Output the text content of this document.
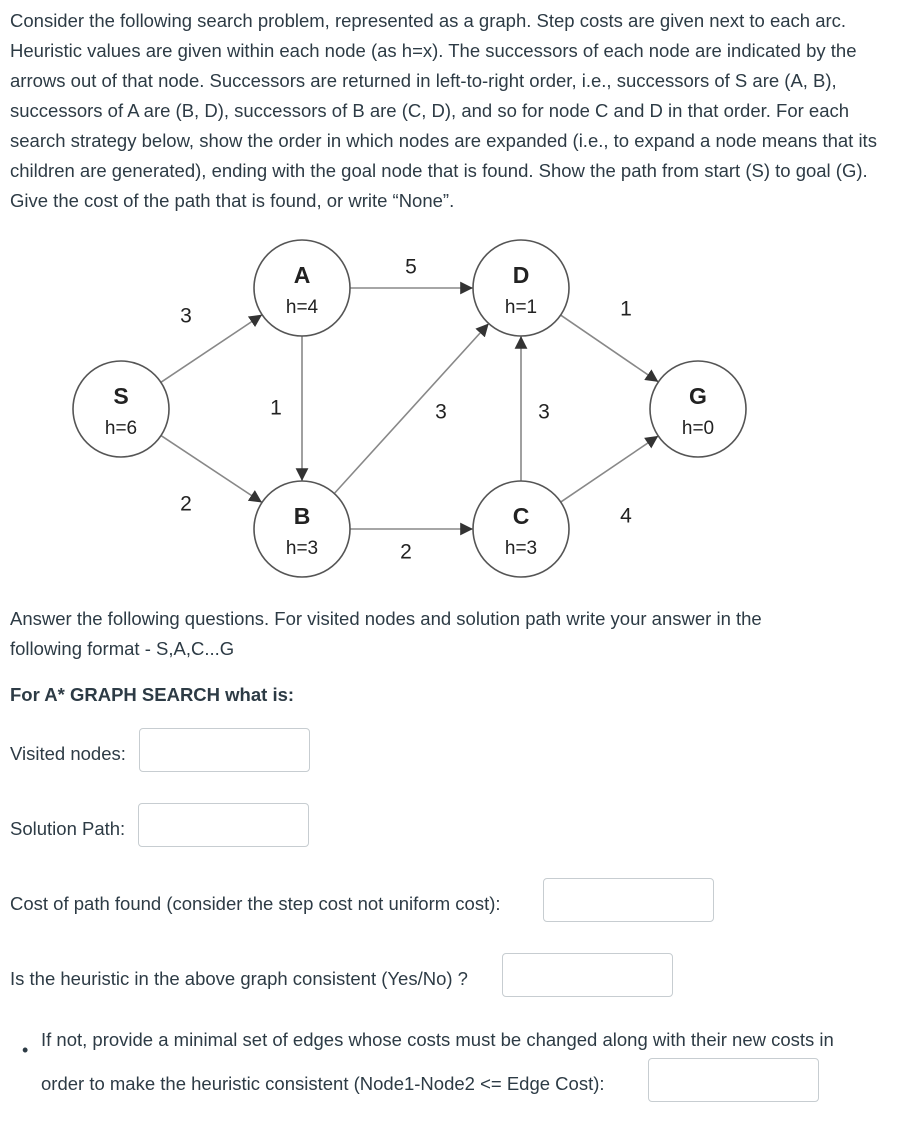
Consider the following search problem, represented as a graph. Step costs are given next to each arc. Heuristic values are given within each node (as h=x). The successors of each node are indicated by the arrows out of that node. Successors are returned in left-to-right order, i.e., successors of S are (A, B), successors of A are (B, D), successors of B are (C, D), and so for node C and D in that order. For each search strategy below, show the order in which nodes are expanded (i.e., to expand a node means that its children are generated), ending with the goal node that is found. Show the path from start (S) to goal (G). Give the cost of the path that is found, or write “None”.

3
2
1
5
3
2
3
1
4
S
h=6
A
h=4
B
h=3
D
h=1
C
h=3
G
h=0

Answer the following questions. For visited nodes and solution path write your answer in the

following format - S,A,C...G

For A* GRAPH SEARCH what is:

Visited nodes:

Solution Path:

Cost of path found (consider the step cost not uniform cost):

Is the heuristic in the above graph consistent (Yes/No) ?

• If not, provide a minimal set of edges whose costs must be changed along with their new costs in

order to make the heuristic consistent (Node1-Node2 <= Edge Cost):
